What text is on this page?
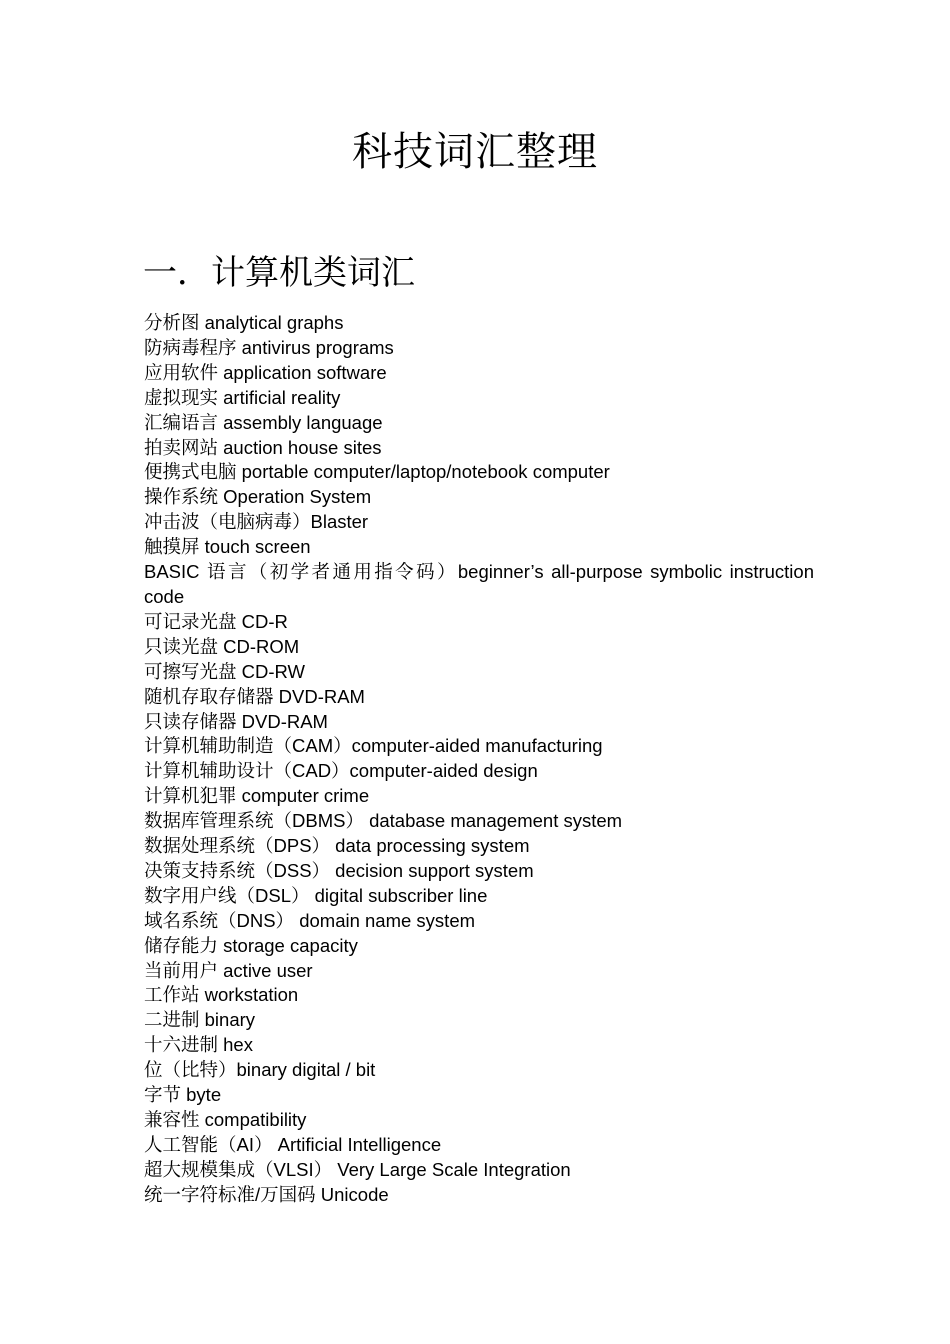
科技词汇整理
一．计算机类词汇
分析图 analytical graphs
防病毒程序 antivirus programs
应用软件 application software
虚拟现实 artificial reality
汇编语言 assembly language
拍卖网站 auction house sites
便携式电脑 portable computer/laptop/notebook computer
操作系统 Operation System
冲击波（电脑病毒）Blaster
触摸屏 touch screen
BASIC 语言（初学者通用指令码）beginner’s all-purpose symbolic instruction code
可记录光盘 CD-R
只读光盘 CD-ROM
可擦写光盘 CD-RW
随机存取存储器 DVD-RAM
只读存储器 DVD-RAM
计算机辅助制造（CAM）computer-aided manufacturing
计算机辅助设计（CAD）computer-aided design
计算机犯罪 computer crime
数据库管理系统（DBMS） database management system
数据处理系统（DPS） data processing system
决策支持系统（DSS） decision support system
数字用户线（DSL） digital subscriber line
域名系统（DNS） domain name system
储存能力 storage capacity
当前用户 active user
工作站 workstation
二进制 binary
十六进制 hex
位（比特）binary digital / bit
字节 byte
兼容性 compatibility
人工智能（AI） Artificial Intelligence
超大规模集成（VLSI） Very Large Scale Integration
统一字符标准/万国码 Unicode
